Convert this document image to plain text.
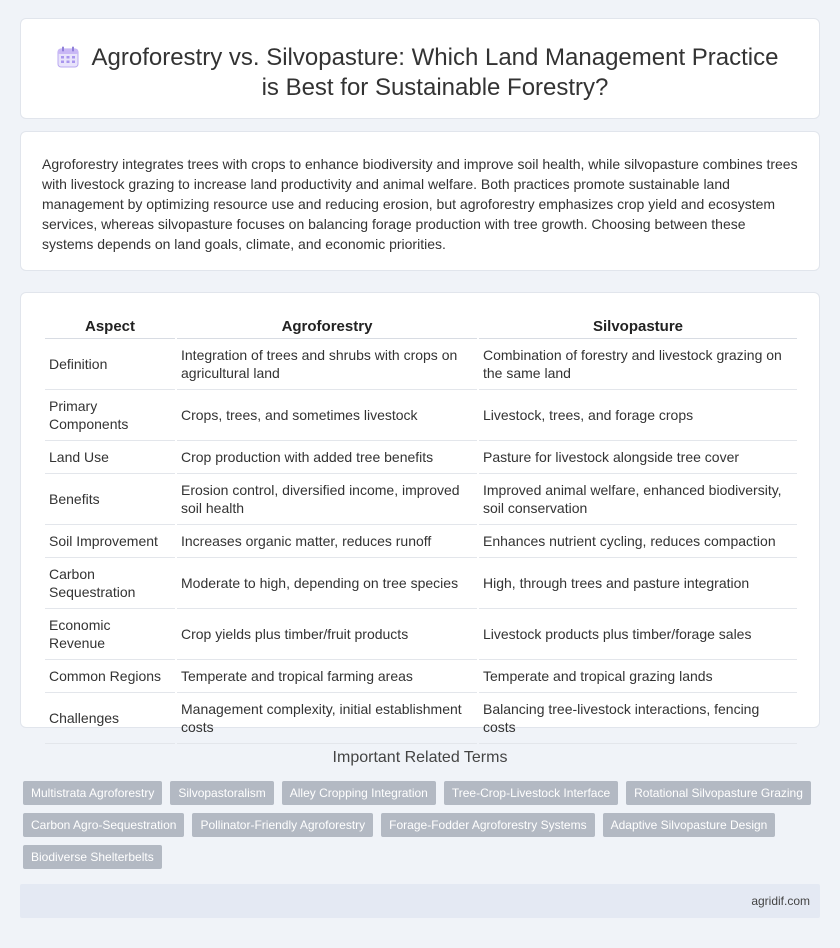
Agroforestry vs. Silvopasture: Which Land Management Practice is Best for Sustainable Forestry?

Agroforestry integrates trees with crops to enhance biodiversity and improve soil health, while silvopasture combines trees with livestock grazing to increase land productivity and animal welfare. Both practices promote sustainable land management by optimizing resource use and reducing erosion, but agroforestry emphasizes crop yield and ecosystem services, whereas silvopasture focuses on balancing forage production with tree growth. Choosing between these systems depends on land goals, climate, and economic priorities.

Aspect	Agroforestry	Silvopasture
Definition	Integration of trees and shrubs with crops on agricultural land	Combination of forestry and livestock grazing on the same land
Primary Components	Crops, trees, and sometimes livestock	Livestock, trees, and forage crops
Land Use	Crop production with added tree benefits	Pasture for livestock alongside tree cover
Benefits	Erosion control, diversified income, improved soil health	Improved animal welfare, enhanced biodiversity, soil conservation
Soil Improvement	Increases organic matter, reduces runoff	Enhances nutrient cycling, reduces compaction
Carbon Sequestration	Moderate to high, depending on tree species	High, through trees and pasture integration
Economic Revenue	Crop yields plus timber/fruit products	Livestock products plus timber/forage sales
Common Regions	Temperate and tropical farming areas	Temperate and tropical grazing lands
Challenges	Management complexity, initial establishment costs	Balancing tree-livestock interactions, fencing costs
Important Related Terms
Multistrata Agroforestry	Silvopastoralism	Alley Cropping Integration	Tree-Crop-Livestock Interface	Rotational Silvopasture Grazing
Carbon Agro-Sequestration	Pollinator-Friendly Agroforestry	Forage-Fodder Agroforestry Systems	Adaptive Silvopasture Design
Biodiverse Shelterbelts
agridif.com
